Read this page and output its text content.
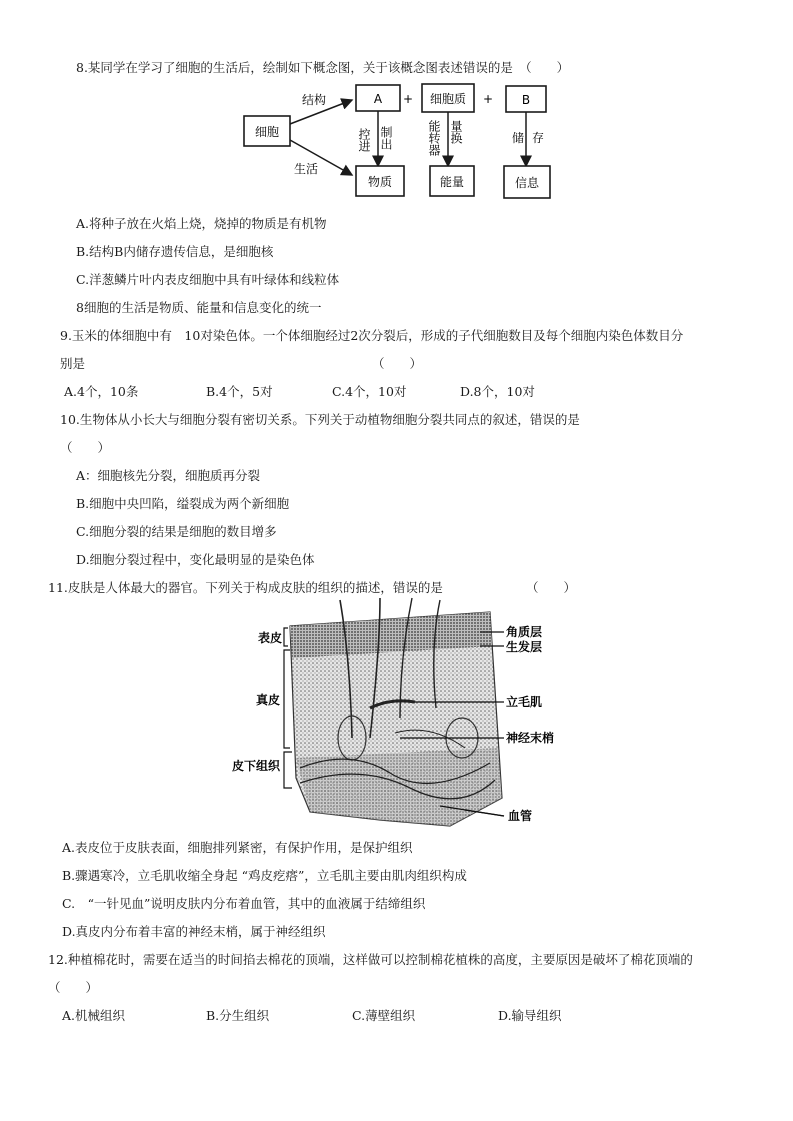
8.某同学在学习了细胞的生活后，绘制如下概念图，关于该概念图表述错误的是　（　　）
细胞
结构
生活
A + 细胞质 + B
控进 制出	能转器 量换	储 存
物质	能量	信息
A.将种子放在火焰上烧，烧掉的物质是有机物
B.结构B内储存遗传信息，是细胞核
C.洋葱鳞片叶内表皮细胞中具有叶绿体和线粒体
8细胞的生活是物质、能量和信息变化的统一
9.玉米的体细胞中有　10对染色体。一个体细胞经过2次分裂后，形成的子代细胞数目及每个细胞内染色体数目分
别是	（　　）
A.4个，10条	B.4个，5对	C.4个，10对	D.8个，10对
10.生物体从小长大与细胞分裂有密切关系。下列关于动植物细胞分裂共同点的叙述，错误的是
（　　）
A：细胞核先分裂，细胞质再分裂
B.细胞中央凹陷，缢裂成为两个新细胞
C.细胞分裂的结果是细胞的数目增多
D.细胞分裂过程中，变化最明显的是染色体
11.皮肤是人体最大的器官。下列关于构成皮肤的组织的描述，错误的是	（　　）
表皮
真皮
皮下组织
角质层
生发层
立毛肌
神经末梢
血管
A.表皮位于皮肤表面，细胞排列紧密，有保护作用，是保护组织
B.骤遇寒冷，立毛肌收缩全身起 “鸡皮疙瘩”，立毛肌主要由肌肉组织构成
C.　“一针见血”说明皮肤内分布着血管，其中的血液属于结缔组织
D.真皮内分布着丰富的神经末梢，属于神经组织
12.种植棉花时，需要在适当的时间掐去棉花的顶端，这样做可以控制棉花植株的高度，主要原因是破坏了棉花顶端的
（　　）
A.机械组织	B.分生组织	C.薄壁组织	D.输导组织
